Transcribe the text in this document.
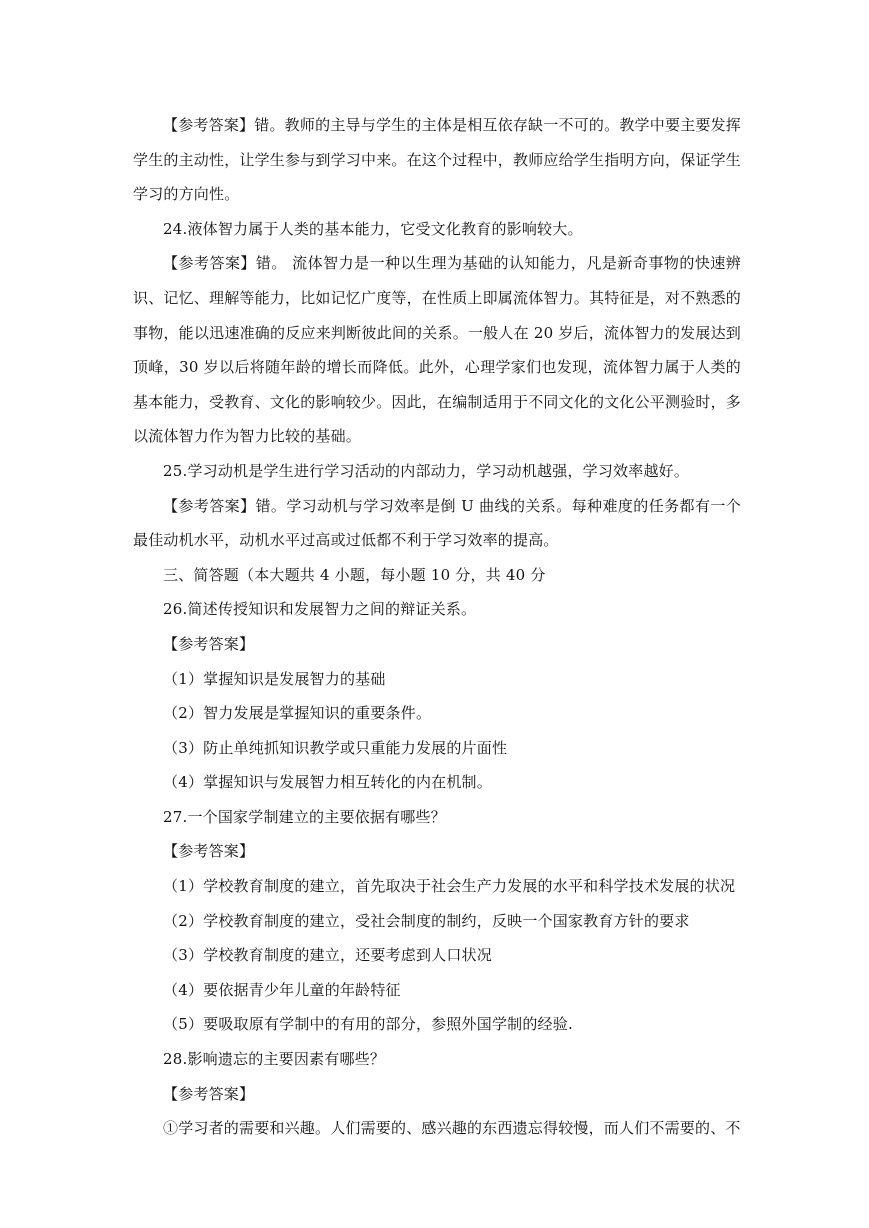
【参考答案】错。教师的主导与学生的主体是相互依存缺一不可的。教学中要主要发挥学生的主动性，让学生参与到学习中来。在这个过程中，教师应给学生指明方向，保证学生学习的方向性。

24.液体智力属于人类的基本能力，它受文化教育的影响较大。

【参考答案】错。 流体智力是一种以生理为基础的认知能力，凡是新奇事物的快速辨识、记忆、理解等能力，比如记忆广度等，在性质上即属流体智力。其特征是，对不熟悉的事物，能以迅速准确的反应来判断彼此间的关系。一般人在 20 岁后，流体智力的发展达到顶峰，30 岁以后将随年龄的增长而降低。此外，心理学家们也发现，流体智力属于人类的基本能力，受教育、文化的影响较少。因此，在编制适用于不同文化的文化公平测验时，多以流体智力作为智力比较的基础。

25.学习动机是学生进行学习活动的内部动力，学习动机越强，学习效率越好。

【参考答案】错。学习动机与学习效率是倒 U 曲线的关系。每种难度的任务都有一个最佳动机水平，动机水平过高或过低都不利于学习效率的提高。

三、简答题（本大题共 4 小题，每小题 10 分，共 40 分

26.简述传授知识和发展智力之间的辩证关系。

【参考答案】

（1）掌握知识是发展智力的基础

（2）智力发展是掌握知识的重要条件。

（3）防止单纯抓知识教学或只重能力发展的片面性

（4）掌握知识与发展智力相互转化的内在机制。

27.一个国家学制建立的主要依据有哪些？

【参考答案】

（1）学校教育制度的建立，首先取决于社会生产力发展的水平和科学技术发展的状况

（2）学校教育制度的建立，受社会制度的制约，反映一个国家教育方针的要求

（3）学校教育制度的建立，还要考虑到人口状况

（4）要依据青少年儿童的年龄特征

（5）要吸取原有学制中的有用的部分，参照外国学制的经验.

28.影响遗忘的主要因素有哪些？

【参考答案】

①学习者的需要和兴趣。人们需要的、感兴趣的东西遗忘得较慢，而人们不需要的、不
